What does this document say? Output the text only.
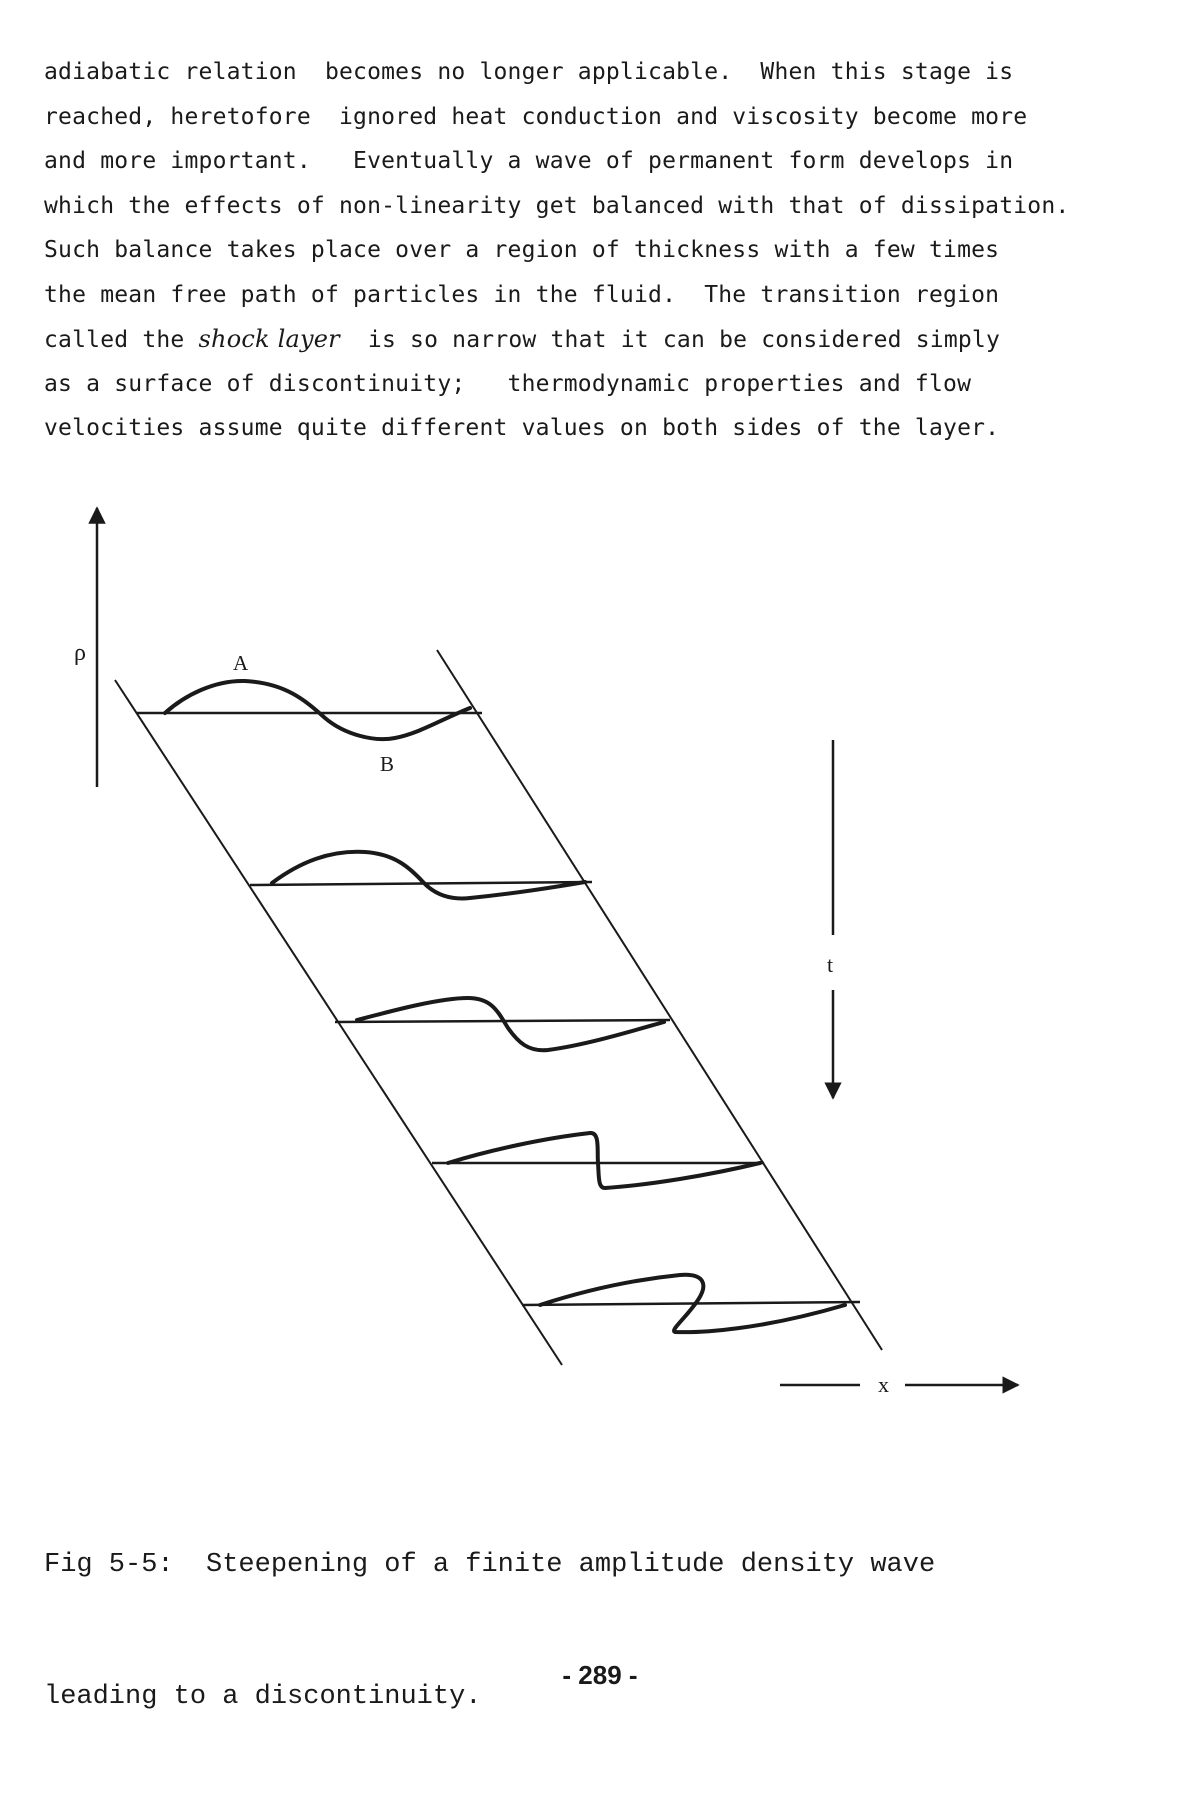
adiabatic relation  becomes no longer applicable.  When this stage is
reached, heretofore  ignored heat conduction and viscosity become more
and more important.   Eventually a wave of permanent form develops in
which the effects of non-linearity get balanced with that of dissipation.
Such balance takes place over a region of thickness with a few times
the mean free path of particles in the fluid.  The transition region
called the shock layer  is so narrow that it can be considered simply
as a surface of discontinuity;   thermodynamic properties and flow
velocities assume quite different values on both sides of the layer.
ρ	A
B
t
x

Fig 5-5:  Steepening of a finite amplitude density wave

leading to a discontinuity.

- 289 -
